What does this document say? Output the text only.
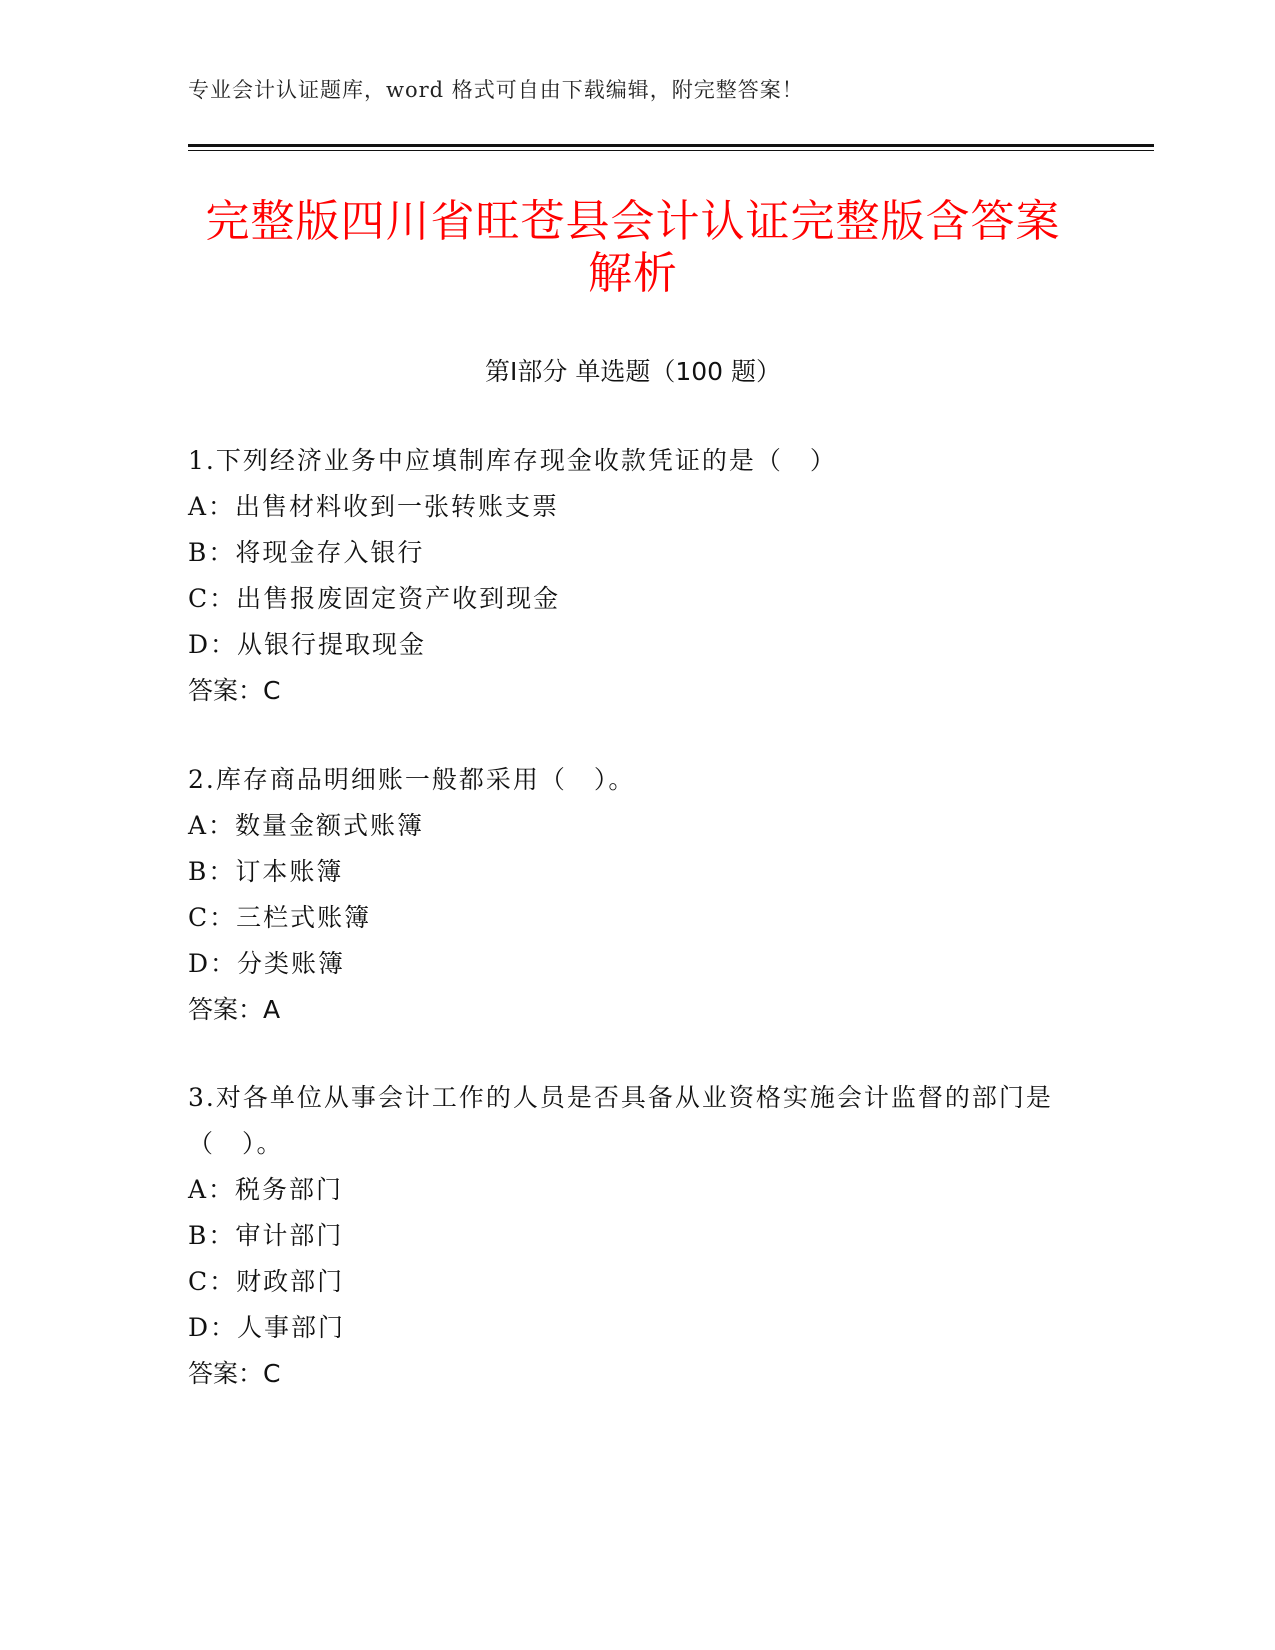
专业会计认证题库，word 格式可自由下载编辑，附完整答案！
完整版四川省旺苍县会计认证完整版含答案解析
第Ⅰ部分 单选题（100 题）
1.下列经济业务中应填制库存现金收款凭证的是（　）
A：出售材料收到一张转账支票
B：将现金存入银行
C：出售报废固定资产收到现金
D：从银行提取现金
答案：C
2.库存商品明细账一般都采用（　）。
A：数量金额式账簿
B：订本账簿
C：三栏式账簿
D：分类账簿
答案：A
3.对各单位从事会计工作的人员是否具备从业资格实施会计监督的部门是（　）。
A：税务部门
B：审计部门
C：财政部门
D：人事部门
答案：C
